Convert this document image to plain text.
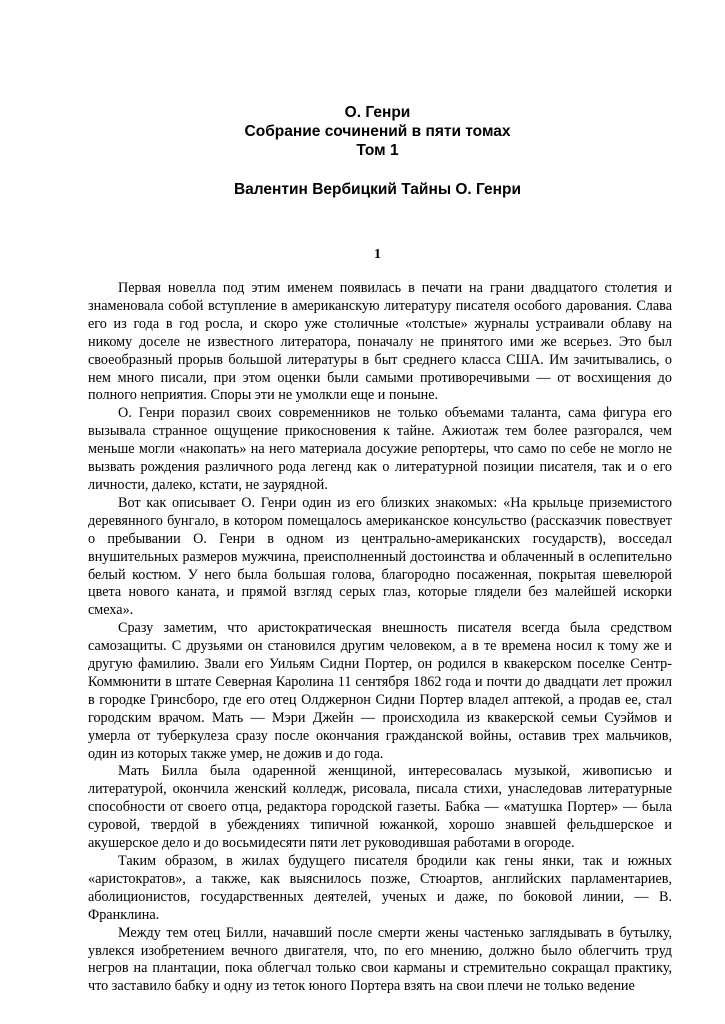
О. Генри
Собрание сочинений в пяти томах
Том 1
Валентин Вербицкий Тайны О. Генри
1

Первая новелла под этим именем появилась в печати на грани двадцатого столетия и знаменовала собой вступление в американскую литературу писателя особого дарования. Слава его из года в год росла, и скоро уже столичные «толстые» журналы устраивали облаву на никому доселе не известного литератора, поначалу не принятого ими же всерьез. Это был своеобразный прорыв большой литературы в быт среднего класса США. Им зачитывались, о нем много писали, при этом оценки были самыми противоречивыми — от восхищения до полного неприятия. Споры эти не умолкли еще и поныне.

О. Генри поразил своих современников не только объемами таланта, сама фигура его вызывала странное ощущение прикосновения к тайне. Ажиотаж тем более разгорался, чем меньше могли «накопать» на него материала досужие репортеры, что само по себе не могло не вызвать рождения различного рода легенд как о литературной позиции писателя, так и о его личности, далеко, кстати, не заурядной.

Вот как описывает О. Генри один из его близких знакомых: «На крыльце приземистого деревянного бунгало, в котором помещалось американское консульство (рассказчик повествует о пребывании О. Генри в одном из центрально-американских государств), восседал внушительных размеров мужчина, преисполненный достоинства и облаченный в ослепительно белый костюм. У него была большая голова, благородно посаженная, покрытая шевелюрой цвета нового каната, и прямой взгляд серых глаз, которые глядели без малейшей искорки смеха».

Сразу заметим, что аристократическая внешность писателя всегда была средством самозащиты. С друзьями он становился другим человеком, а в те времена носил к тому же и другую фамилию. Звали его Уильям Сидни Портер, он родился в квакерском поселке Сентр-Коммюнити в штате Северная Каролина 11 сентября 1862 года и почти до двадцати лет прожил в городке Гринсборо, где его отец Олджернон Сидни Портер владел аптекой, а продав ее, стал городским врачом. Мать — Мэри Джейн — происходила из квакерской семьи Суэймов и умерла от туберкулеза сразу после окончания гражданской войны, оставив трех мальчиков, один из которых также умер, не дожив и до года.

Мать Билла была одаренной женщиной, интересовалась музыкой, живописью и литературой, окончила женский колледж, рисовала, писала стихи, унаследовав литературные способности от своего отца, редактора городской газеты. Бабка — «матушка Портер» — была суровой, твердой в убеждениях типичной южанкой, хорошо знавшей фельдшерское и акушерское дело и до восьмидесяти пяти лет руководившая работами в огороде.

Таким образом, в жилах будущего писателя бродили как гены янки, так и южных «аристократов», а также, как выяснилось позже, Стюартов, английских парламентариев, аболиционистов, государственных деятелей, ученых и даже, по боковой линии, — В. Франклина.

Между тем отец Билли, начавший после смерти жены частенько заглядывать в бутылку, увлекся изобретением вечного двигателя, что, по его мнению, должно было облегчить труд негров на плантации, пока облегчал только свои карманы и стремительно сокращал практику, что заставило бабку и одну из теток юного Портера взять на свои плечи не только ведение
